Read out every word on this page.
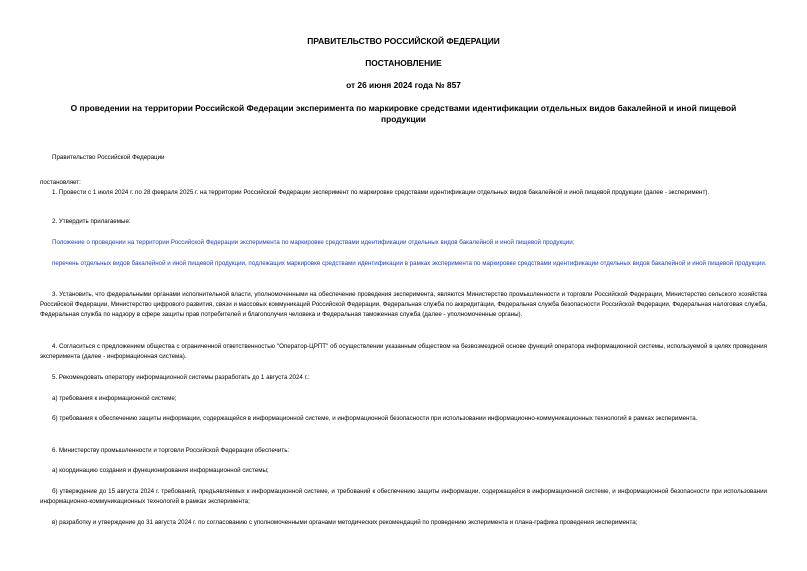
ПРАВИТЕЛЬСТВО РОССИЙСКОЙ ФЕДЕРАЦИИ
ПОСТАНОВЛЕНИЕ
от 26 июня 2024 года № 857
О проведении на территории Российской Федерации эксперимента по маркировке средствами идентификации отдельных видов бакалейной и иной пищевой продукции
Правительство Российской Федерации
постановляет:
1. Провести с 1 июля 2024 г. по 28 февраля 2025 г. на территории Российской Федерации эксперимент по маркировке средствами идентификации отдельных видов бакалейной и иной пищевой продукции (далее - эксперимент).
2. Утвердить прилагаемые:
Положение о проведении на территории Российской Федерации эксперимента по маркировке средствами идентификации отдельных видов бакалейной и иной пищевой продукции;
перечень отдельных видов бакалейной и иной пищевой продукции, подлежащих маркировке средствами идентификации в рамках эксперимента по маркировке средствами идентификации отдельных видов бакалейной и иной пищевой продукции.
3. Установить, что федеральными органами исполнительной власти, уполномоченными на обеспечение проведения эксперимента, являются Министерство промышленности и торговли Российской Федерации, Министерство сельского хозяйства Российской Федерации, Министерство цифрового развития, связи и массовых коммуникаций Российской Федерации, Федеральная служба по аккредитации, Федеральная служба безопасности Российской Федерации, Федеральная налоговая служба, Федеральная служба по надзору в сфере защиты прав потребителей и благополучия человека и Федеральная таможенная служба (далее - уполномоченные органы).
4. Согласиться с предложением общества с ограниченной ответственностью "Оператор-ЦРПТ" об осуществлении указанным обществом на безвозмездной основе функций оператора информационной системы, используемой в целях проведения эксперимента (далее - информационная система).
5. Рекомендовать оператору информационной системы разработать до 1 августа 2024 г.:
а) требования к информационной системе;
б) требования к обеспечению защиты информации, содержащейся в информационной системе, и информационной безопасности при использовании информационно-коммуникационных технологий в рамках эксперимента.
6. Министерству промышленности и торговли Российской Федерации обеспечить:
а) координацию создания и функционирования информационной системы;
б) утверждение до 15 августа 2024 г. требований, предъявляемых к информационной системе, и требований к обеспечению защиты информации, содержащейся в информационной системе, и информационной безопасности при использовании информационно-коммуникационных технологий в рамках эксперимента;
в) разработку и утверждение до 31 августа 2024 г. по согласованию с уполномоченными органами методических рекомендаций по проведению эксперимента и плана-графика проведения эксперимента;
